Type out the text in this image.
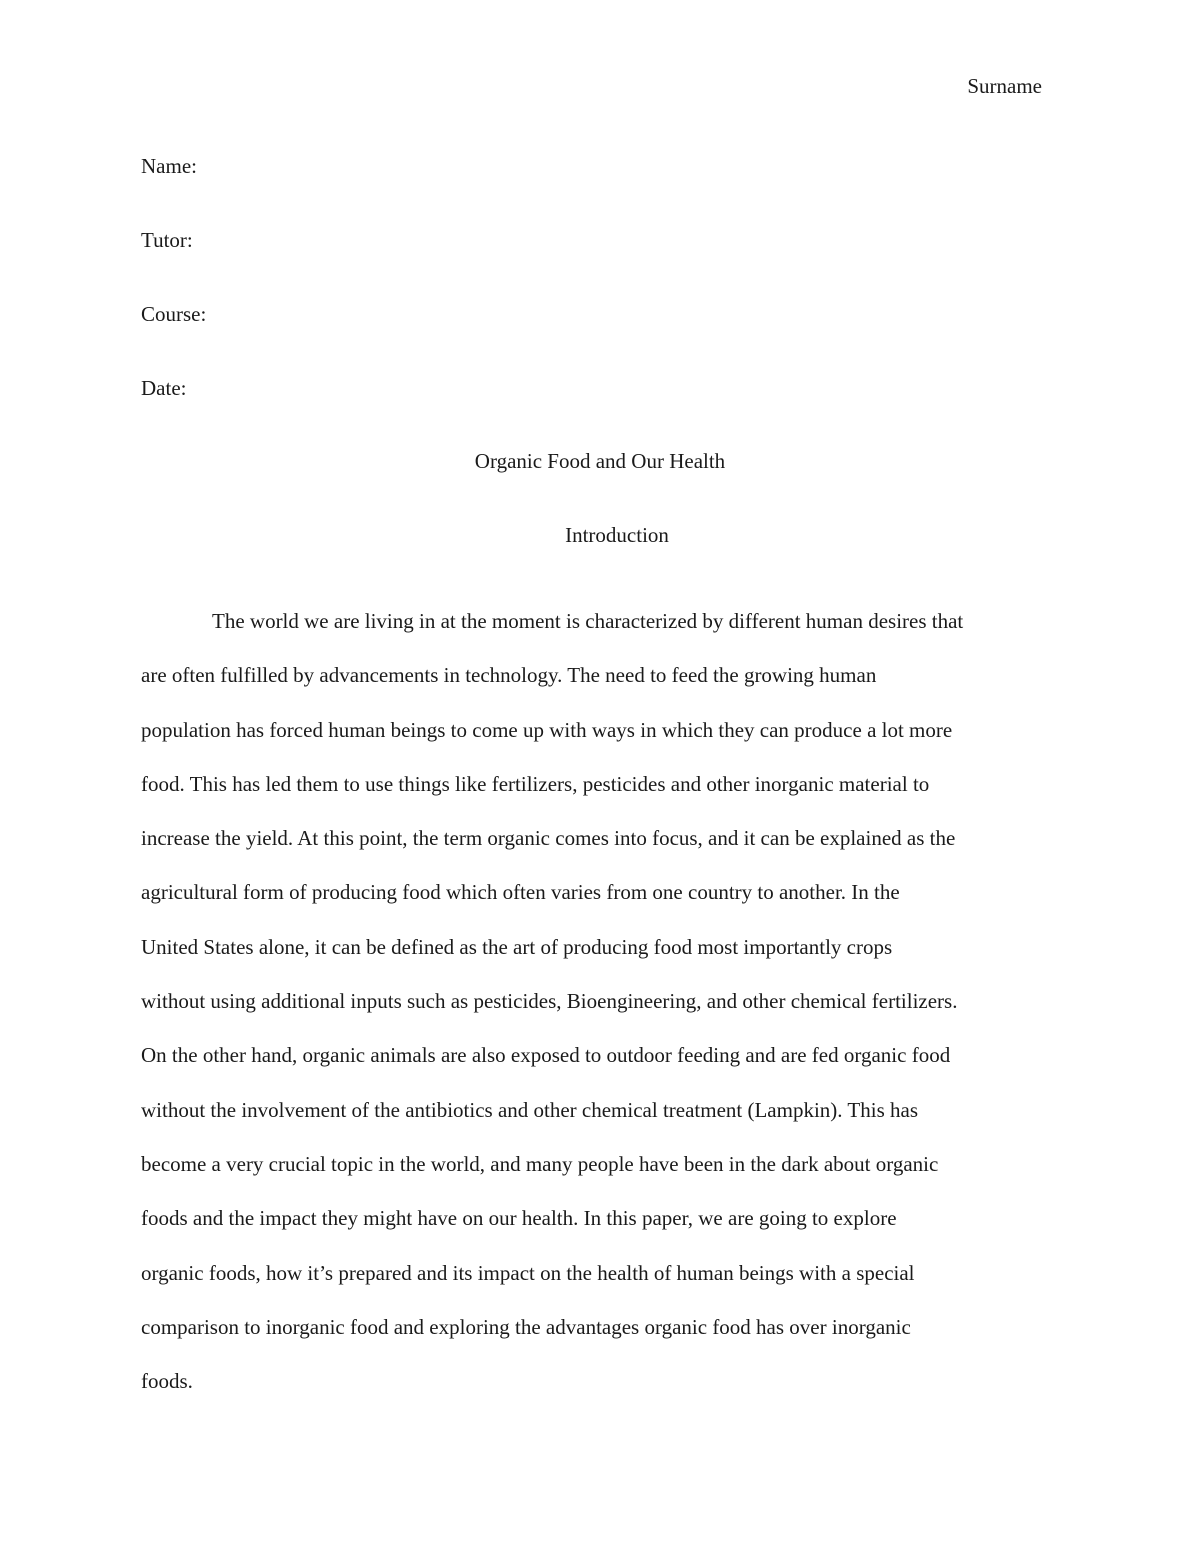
Surname
Name:
Tutor:
Course:
Date:
Organic Food and Our Health
Introduction
The world we are living in at the moment is characterized by different human desires that
are often fulfilled by advancements in technology. The need to feed the growing human
population has forced human beings to come up with ways in which they can produce a lot more
food. This has led them to use things like fertilizers, pesticides and other inorganic material to
increase the yield. At this point, the term organic comes into focus, and it can be explained as the
agricultural form of producing food which often varies from one country to another. In the
United States alone, it can be defined as the art of producing food most importantly crops
without using additional inputs such as pesticides, Bioengineering, and other chemical fertilizers.
On the other hand, organic animals are also exposed to outdoor feeding and are fed organic food
without the involvement of the antibiotics and other chemical treatment (Lampkin). This has
become a very crucial topic in the world, and many people have been in the dark about organic
foods and the impact they might have on our health. In this paper, we are going to explore
organic foods, how it’s prepared and its impact on the health of human beings with a special
comparison to inorganic food and exploring the advantages organic food has over inorganic
foods.
